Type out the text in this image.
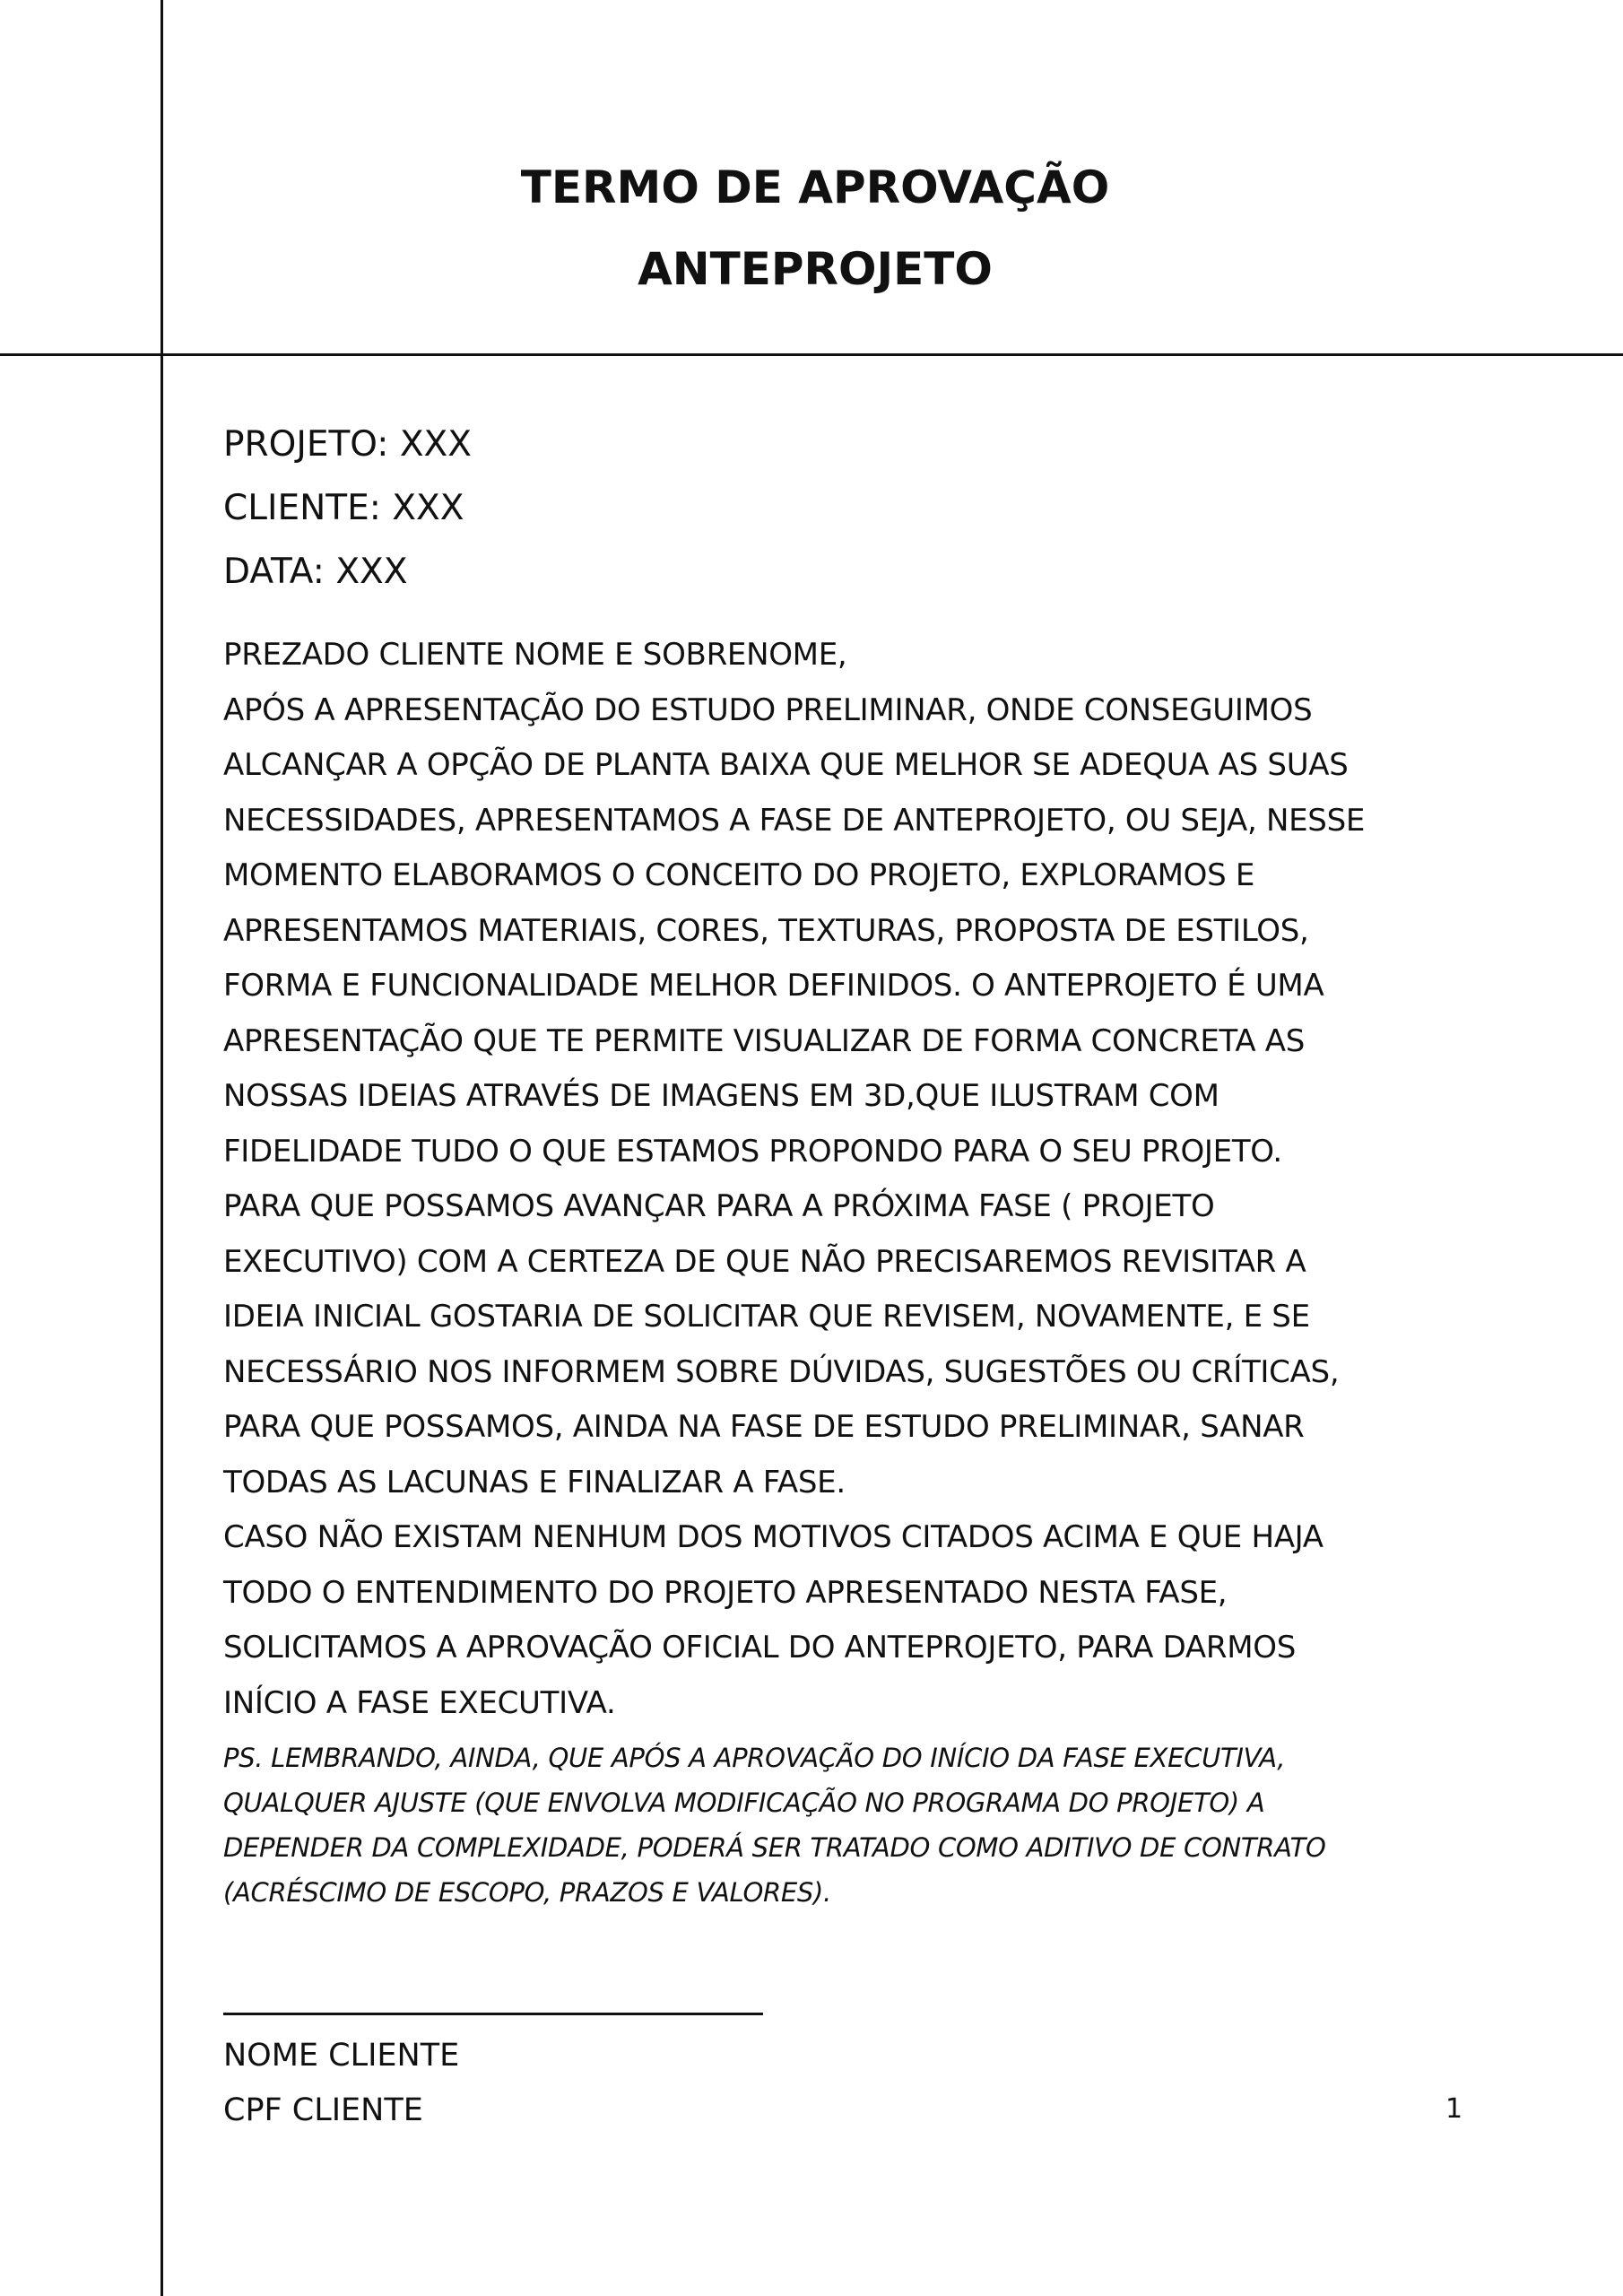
TERMO DE APROVAÇÃO
ANTEPROJETO
PROJETO: XXX
CLIENTE: XXX
DATA: XXX
PREZADO CLIENTE NOME E SOBRENOME,
APÓS A APRESENTAÇÃO DO ESTUDO PRELIMINAR, ONDE CONSEGUIMOS
ALCANÇAR A OPÇÃO DE PLANTA BAIXA QUE MELHOR SE ADEQUA AS SUAS
NECESSIDADES, APRESENTAMOS A FASE DE ANTEPROJETO, OU SEJA, NESSE
MOMENTO ELABORAMOS O CONCEITO DO PROJETO, EXPLORAMOS E
APRESENTAMOS MATERIAIS, CORES, TEXTURAS, PROPOSTA DE ESTILOS,
FORMA E FUNCIONALIDADE MELHOR DEFINIDOS. O ANTEPROJETO É UMA
APRESENTAÇÃO QUE TE PERMITE VISUALIZAR DE FORMA CONCRETA AS
NOSSAS IDEIAS ATRAVÉS DE IMAGENS EM 3D,QUE ILUSTRAM COM
FIDELIDADE TUDO O QUE ESTAMOS PROPONDO PARA O SEU PROJETO.
PARA QUE POSSAMOS AVANÇAR PARA A PRÓXIMA FASE ( PROJETO
EXECUTIVO) COM A CERTEZA DE QUE NÃO PRECISAREMOS REVISITAR A
IDEIA INICIAL GOSTARIA DE SOLICITAR QUE REVISEM, NOVAMENTE, E SE
NECESSÁRIO NOS INFORMEM SOBRE DÚVIDAS, SUGESTÕES OU CRÍTICAS,
PARA QUE POSSAMOS, AINDA NA FASE DE ESTUDO PRELIMINAR, SANAR
TODAS AS LACUNAS E FINALIZAR A FASE.
CASO NÃO EXISTAM NENHUM DOS MOTIVOS CITADOS ACIMA E QUE HAJA
TODO O ENTENDIMENTO DO PROJETO APRESENTADO NESTA FASE,
SOLICITAMOS A APROVAÇÃO OFICIAL DO ANTEPROJETO, PARA DARMOS
INÍCIO A FASE EXECUTIVA.
PS. LEMBRANDO, AINDA, QUE APÓS A APROVAÇÃO DO INÍCIO DA FASE EXECUTIVA,
QUALQUER AJUSTE (QUE ENVOLVA MODIFICAÇÃO NO PROGRAMA DO PROJETO) A
DEPENDER DA COMPLEXIDADE, PODERÁ SER TRATADO COMO ADITIVO DE CONTRATO
(ACRÉSCIMO DE ESCOPO, PRAZOS E VALORES).
NOME CLIENTE
CPF CLIENTE	1
